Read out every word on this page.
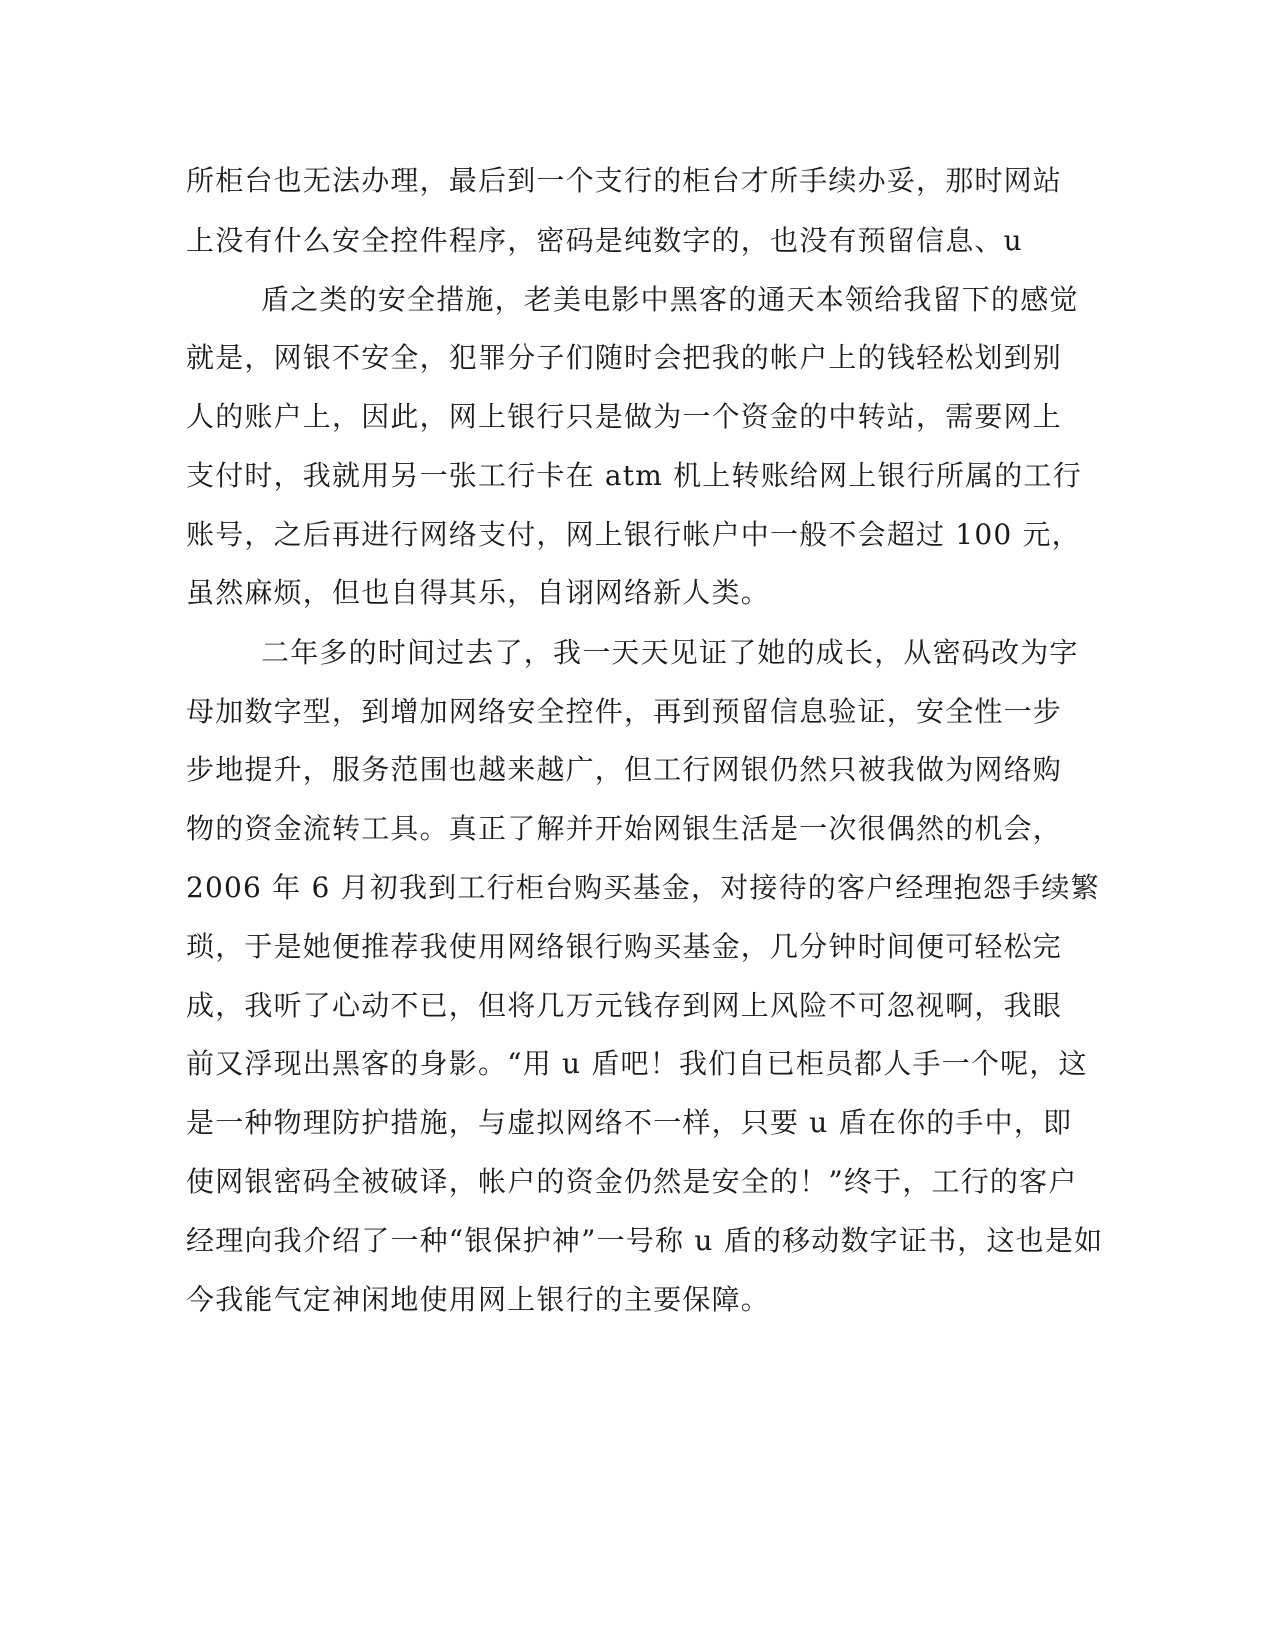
所柜台也无法办理，最后到一个支行的柜台才所手续办妥，那时网站
上没有什么安全控件程序，密码是纯数字的，也没有预留信息、u
盾之类的安全措施，老美电影中黑客的通天本领给我留下的感觉
就是，网银不安全，犯罪分子们随时会把我的帐户上的钱轻松划到别
人的账户上，因此，网上银行只是做为一个资金的中转站，需要网上
支付时，我就用另一张工行卡在 atm 机上转账给网上银行所属的工行
账号，之后再进行网络支付，网上银行帐户中一般不会超过 100 元，
虽然麻烦，但也自得其乐，自诩网络新人类。
二年多的时间过去了，我一天天见证了她的成长，从密码改为字
母加数字型，到增加网络安全控件，再到预留信息验证，安全性一步
步地提升，服务范围也越来越广，但工行网银仍然只被我做为网络购
物的资金流转工具。真正了解并开始网银生活是一次很偶然的机会，
2006 年 6 月初我到工行柜台购买基金，对接待的客户经理抱怨手续繁
琐，于是她便推荐我使用网络银行购买基金，几分钟时间便可轻松完
成，我听了心动不已，但将几万元钱存到网上风险不可忽视啊，我眼
前又浮现出黑客的身影。“用 u 盾吧！我们自已柜员都人手一个呢，这
是一种物理防护措施，与虚拟网络不一样，只要 u 盾在你的手中，即
使网银密码全被破译，帐户的资金仍然是安全的！”终于，工行的客户
经理向我介绍了一种“银保护神”一号称 u 盾的移动数字证书，这也是如
今我能气定神闲地使用网上银行的主要保障。
